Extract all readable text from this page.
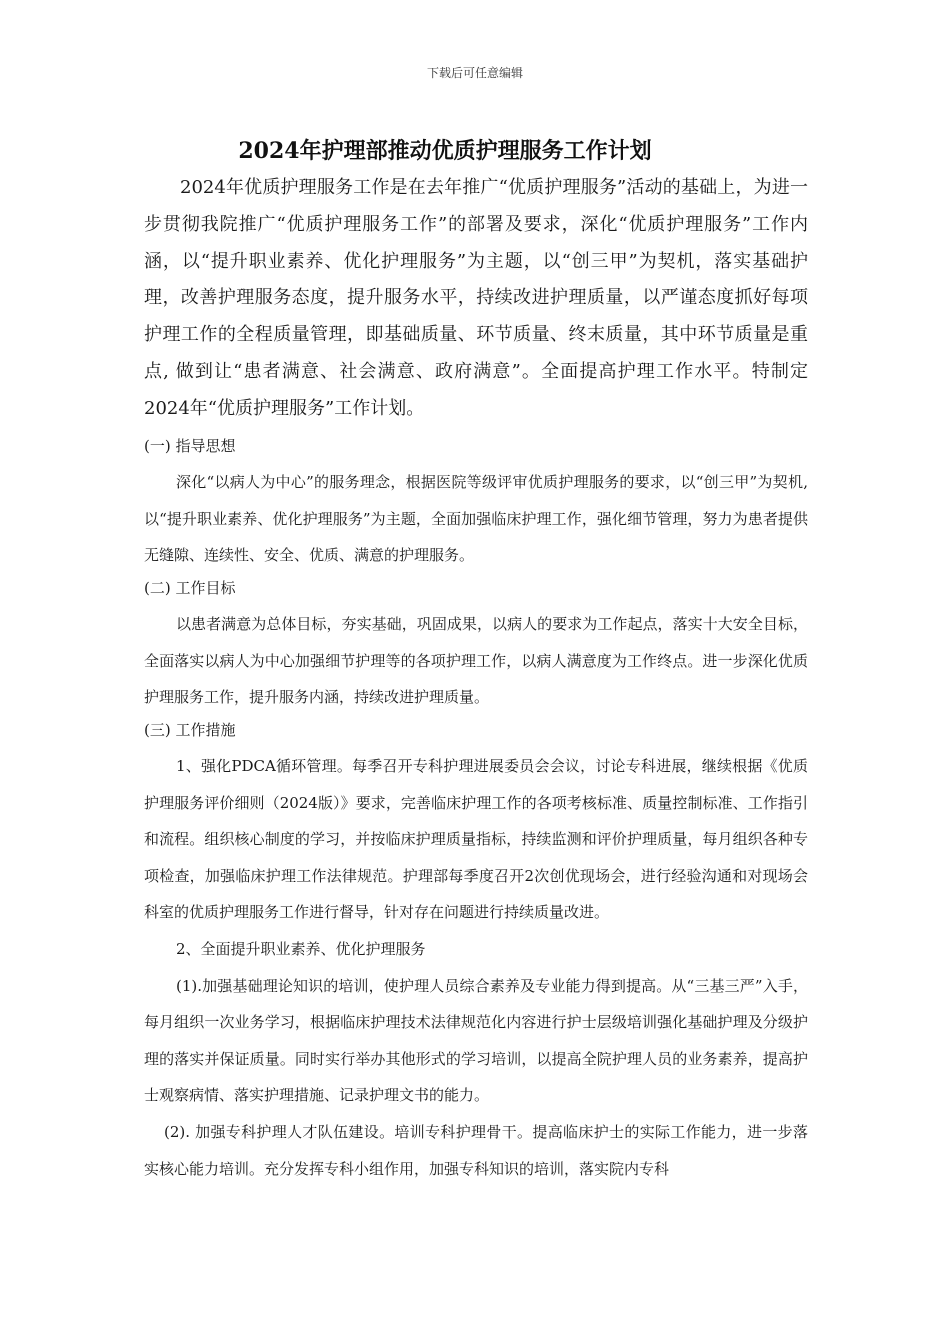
下载后可任意编辑
2024年护理部推动优质护理服务工作计划

2024年优质护理服务工作是在去年推广“优质护理服务”活动的基础上，为进一步贯彻我院推广“优质护理服务工作”的部署及要求，深化“优质护理服务”工作内涵，以“提升职业素养、优化护理服务”为主题，以“创三甲”为契机，落实基础护理，改善护理服务态度，提升服务水平，持续改进护理质量，以严谨态度抓好每项护理工作的全程质量管理，即基础质量、环节质量、终末质量，其中环节质量是重点, 做到让“患者满意、社会满意、政府满意”。全面提高护理工作水平。特制定2024年“优质护理服务”工作计划。

(一) 指导思想

深化“以病人为中心”的服务理念，根据医院等级评审优质护理服务的要求，以“创三甲”为契机,以“提升职业素养、优化护理服务”为主题，全面加强临床护理工作，强化细节管理，努力为患者提供无缝隙、连续性、安全、优质、满意的护理服务。

(二) 工作目标

以患者满意为总体目标，夯实基础，巩固成果，以病人的要求为工作起点，落实十大安全目标，全面落实以病人为中心加强细节护理等的各项护理工作，以病人满意度为工作终点。进一步深化优质护理服务工作，提升服务内涵，持续改进护理质量。

(三) 工作措施

1、强化PDCA循环管理。每季召开专科护理进展委员会会议，讨论专科进展，继续根据《优质护理服务评价细则（2024版）》要求，完善临床护理工作的各项考核标准、质量控制标准、工作指引和流程。组织核心制度的学习，并按临床护理质量指标，持续监测和评价护理质量，每月组织各种专项检查，加强临床护理工作法律规范。护理部每季度召开2次创优现场会，进行经验沟通和对现场会科室的优质护理服务工作进行督导，针对存在问题进行持续质量改进。

2、全面提升职业素养、优化护理服务

(1).加强基础理论知识的培训，使护理人员综合素养及专业能力得到提高。从“三基三严”入手，每月组织一次业务学习，根据临床护理技术法律规范化内容进行护士层级培训强化基础护理及分级护理的落实并保证质量。同时实行举办其他形式的学习培训，以提高全院护理人员的业务素养，提高护士观察病情、落实护理措施、记录护理文书的能力。

(2). 加强专科护理人才队伍建设。培训专科护理骨干。提高临床护士的实际工作能力，进一步落实核心能力培训。充分发挥专科小组作用，加强专科知识的培训，落实院内专科
